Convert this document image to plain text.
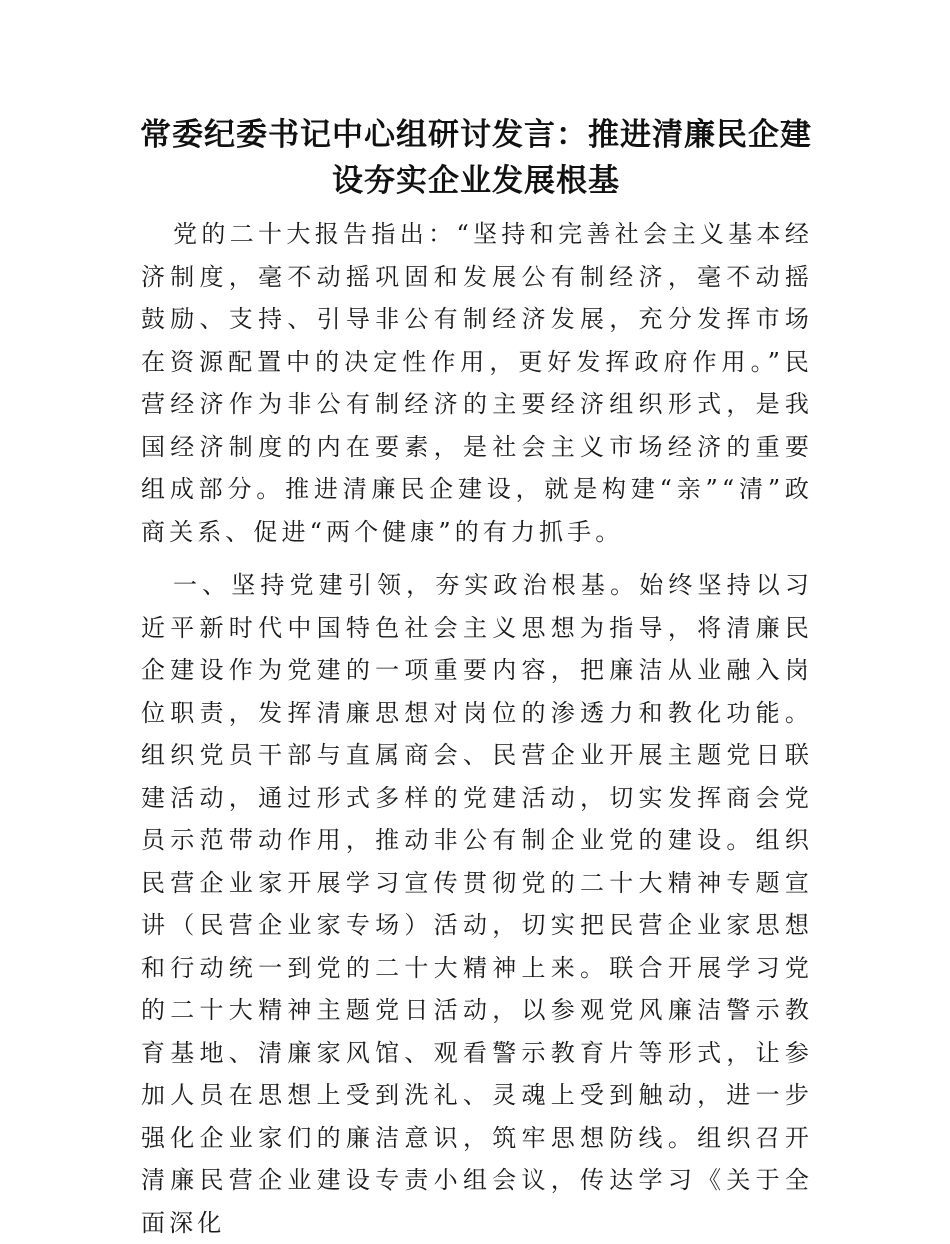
常委纪委书记中心组研讨发言：推进清廉民企建设夯实企业发展根基

党的二十大报告指出：“坚持和完善社会主义基本经济制度，毫不动摇巩固和发展公有制经济，毫不动摇鼓励、支持、引导非公有制经济发展，充分发挥市场在资源配置中的决定性作用，更好发挥政府作用。”民营经济作为非公有制经济的主要经济组织形式，是我国经济制度的内在要素，是社会主义市场经济的重要组成部分。推进清廉民企建设，就是构建“亲”“清”政商关系、促进“两个健康”的有力抓手。

一、坚持党建引领，夯实政治根基。始终坚持以习近平新时代中国特色社会主义思想为指导，将清廉民企建设作为党建的一项重要内容，把廉洁从业融入岗位职责，发挥清廉思想对岗位的渗透力和教化功能。组织党员干部与直属商会、民营企业开展主题党日联建活动，通过形式多样的党建活动，切实发挥商会党员示范带动作用，推动非公有制企业党的建设。组织民营企业家开展学习宣传贯彻党的二十大精神专题宣讲（民营企业家专场）活动，切实把民营企业家思想和行动统一到党的二十大精神上来。联合开展学习党的二十大精神主题党日活动，以参观党风廉洁警示教育基地、清廉家风馆、观看警示教育片等形式，让参加人员在思想上受到洗礼、灵魂上受到触动，进一步强化企业家们的廉洁意识，筑牢思想防线。组织召开清廉民营企业建设专责小组会议，传达学习《关于全面深化
